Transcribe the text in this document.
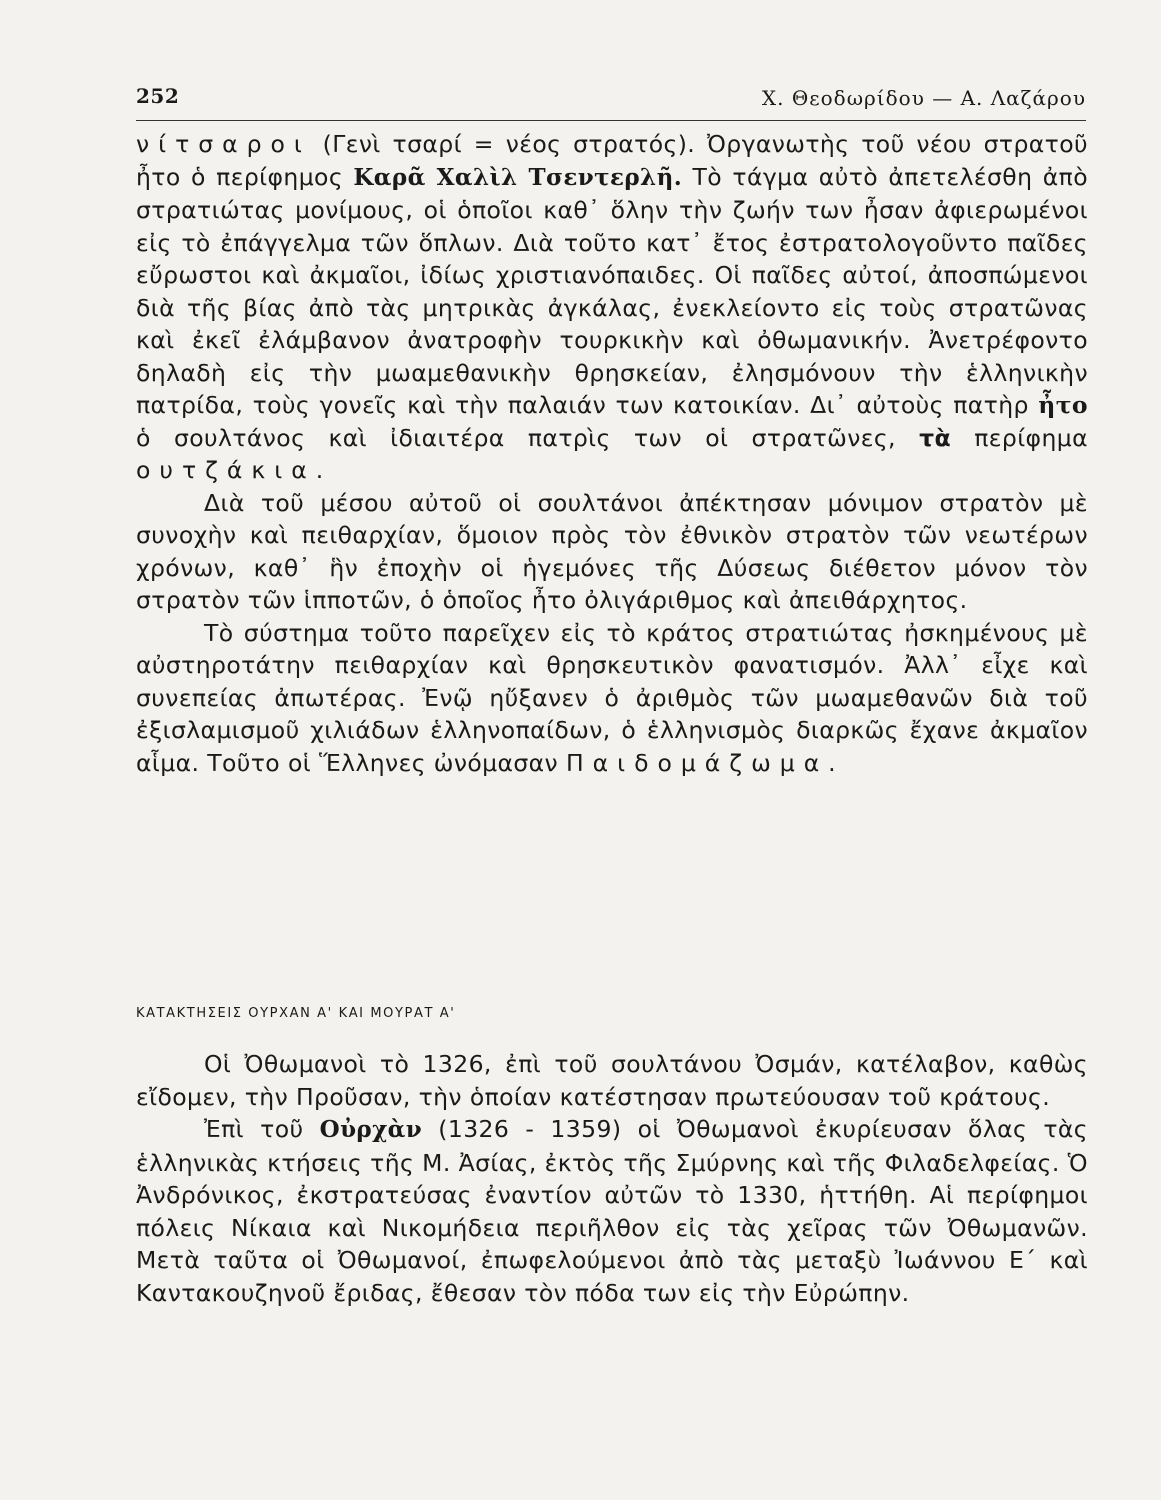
252	Χ. Θεοδωρίδου — Α. Λαζάρου

νίτσαροι (Γενὶ τσαρί = νέος στρατός). Ὀργανωτὴς τοῦ νέου στρατοῦ ἦτο ὁ περίφημος Καρᾶ Χαλὶλ Τσεντερλῆ. Τὸ τάγμα αὐτὸ ἀπετελέσθη ἀπὸ στρατιώτας μονίμους, οἱ ὁποῖοι καθ᾽ ὅλην τὴν ζωήν των ἦσαν ἀφιερωμένοι εἰς τὸ ἐπάγγελμα τῶν ὅπλων. Διὰ τοῦτο κατ᾽ ἔτος ἐστρατολογοῦντο παῖδες εὔρωστοι καὶ ἀκμαῖοι, ἰδίως χριστιανόπαιδες. Οἱ παῖδες αὐτοί, ἀποσπώμενοι διὰ τῆς βίας ἀπὸ τὰς μητρικὰς ἀγκάλας, ἐνεκλείοντο εἰς τοὺς στρατῶνας καὶ ἐκεῖ ἐλάμβανον ἀνατροφὴν τουρκικὴν καὶ ὀθωμανικήν. Ἀνετρέφοντο δηλαδὴ εἰς τὴν μωαμεθανικὴν θρησκείαν, ἐλησμόνουν τὴν ἑλληνικὴν πατρίδα, τοὺς γονεῖς καὶ τὴν παλαιάν των κατοικίαν. Δι᾽ αὐτοὺς πατὴρ ἦτο ὁ σουλτάνος καὶ ἰδιαιτέρα πατρὶς των οἱ στρατῶνες, τὰ περίφημα ουτζάκια.

Διὰ τοῦ μέσου αὐτοῦ οἱ σουλτάνοι ἀπέκτησαν μόνιμον στρατὸν μὲ συνοχὴν καὶ πειθαρχίαν, ὅμοιον πρὸς τὸν ἐθνικὸν στρατὸν τῶν νεωτέρων χρόνων, καθ᾽ ἣν ἐποχὴν οἱ ἡγεμόνες τῆς Δύσεως διέθετον μόνον τὸν στρατὸν τῶν ἱπποτῶν, ὁ ὁποῖος ἦτο ὀλιγάριθμος καὶ ἀπειθάρχητος.

Τὸ σύστημα τοῦτο παρεῖχεν εἰς τὸ κράτος στρατιώτας ἠσκημένους μὲ αὐστηροτάτην πειθαρχίαν καὶ θρησκευτικὸν φανατισμόν. Ἀλλ᾽ εἶχε καὶ συνεπείας ἀπωτέρας. Ἐνῷ ηὔξανεν ὁ ἀριθμὸς τῶν μωαμεθανῶν διὰ τοῦ ἐξισλαμισμοῦ χιλιάδων ἑλληνοπαίδων, ὁ ἑλληνισμὸς διαρκῶς ἔχανε ἀκμαῖον αἷμα. Τοῦτο οἱ Ἕλληνες ὠνόμασαν Παιδομάζωμα.

ΚΑΤΑΚΤΗΣΕΙΣ ΟΥΡΧΑΝ Α' ΚΑΙ ΜΟΥΡΑΤ Α'

Οἱ Ὀθωμανοὶ τὸ 1326, ἐπὶ τοῦ σουλτάνου Ὀσμάν, κατέλαβον, καθὼς εἴδομεν, τὴν Προῦσαν, τὴν ὁποίαν κατέστησαν πρωτεύουσαν τοῦ κράτους.

Ἐπὶ τοῦ Οὐρχὰν (1326 - 1359) οἱ Ὀθωμανοὶ ἐκυρίευσαν ὅλας τὰς ἑλληνικὰς κτήσεις τῆς Μ. Ἀσίας, ἐκτὸς τῆς Σμύρνης καὶ τῆς Φιλαδελφείας. Ὁ Ἀνδρόνικος, ἐκστρατεύσας ἐναντίον αὐτῶν τὸ 1330, ἡττήθη. Αἱ περίφημοι πόλεις Νίκαια καὶ Νικομήδεια περιῆλθον εἰς τὰς χεῖρας τῶν Ὀθωμανῶν. Μετὰ ταῦτα οἱ Ὀθωμανοί, ἐπωφελούμενοι ἀπὸ τὰς μεταξὺ Ἰωάννου Ε΄ καὶ Καντακουζηνοῦ ἔριδας, ἔθεσαν τὸν πόδα των εἰς τὴν Εὐρώπην.
